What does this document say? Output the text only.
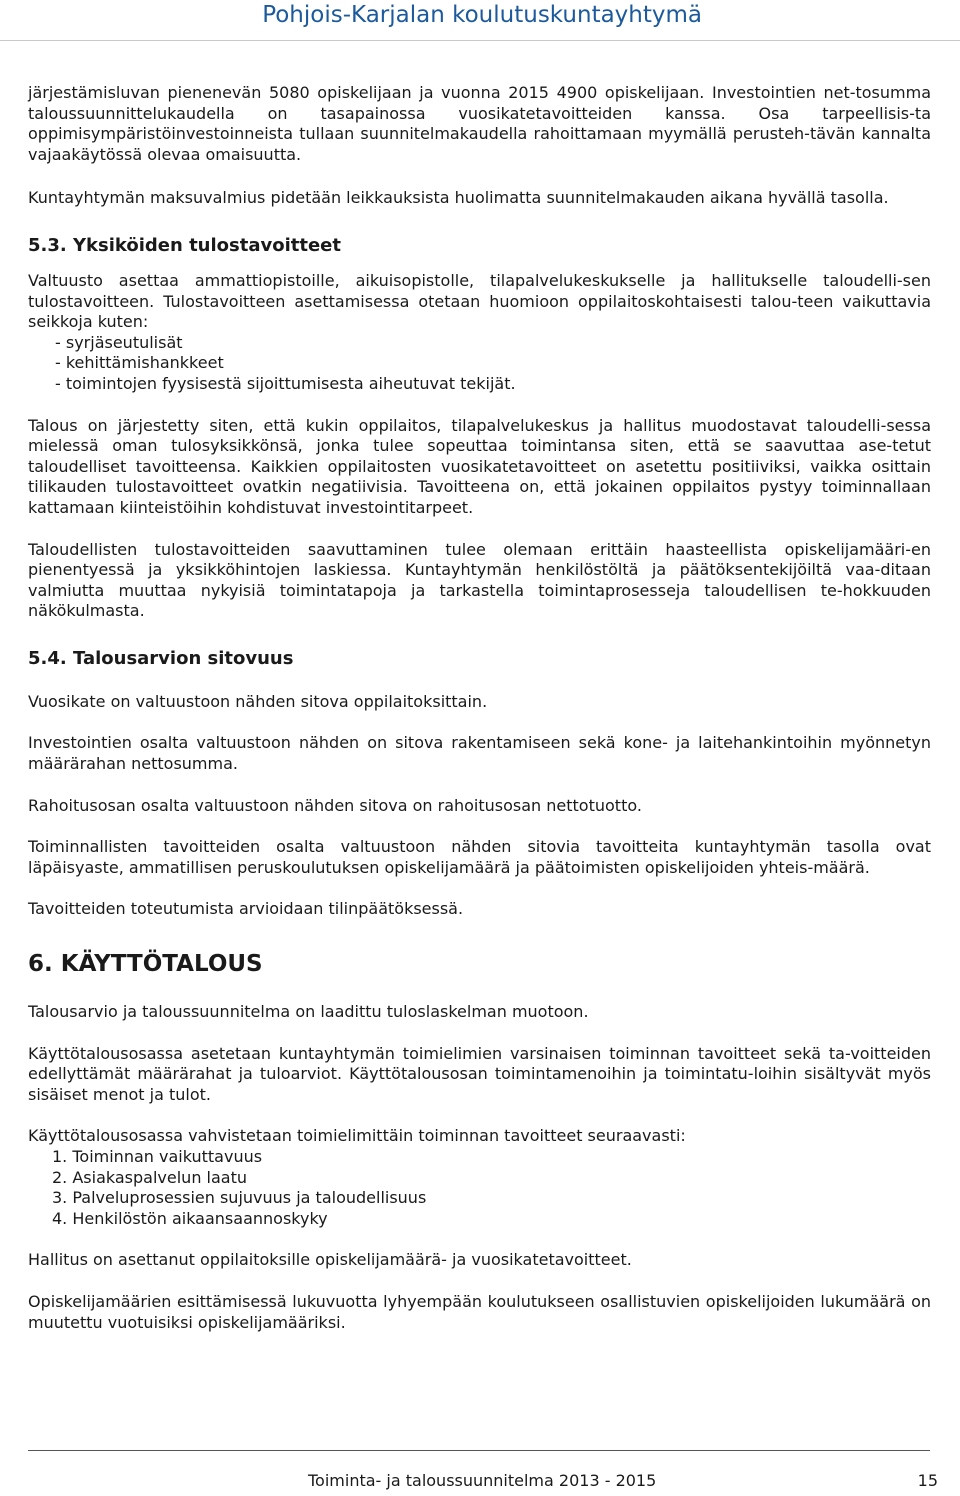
Pohjois-Karjalan koulutuskuntayhtymä

järjestämisluvan pienenevän 5080 opiskelijaan ja vuonna 2015 4900 opiskelijaan. Investointien net-tosumma taloussuunnittelukaudella on tasapainossa vuosikatetavoitteiden kanssa. Osa tarpeellisis-ta oppimisympäristöinvestoinneista tullaan suunnitelmakaudella rahoittamaan myymällä perusteh-tävän kannalta vajaakäytössä olevaa omaisuutta.

Kuntayhtymän maksuvalmius pidetään leikkauksista huolimatta suunnitelmakauden aikana hyvällä tasolla.

5.3. Yksiköiden tulostavoitteet

Valtuusto asettaa ammattiopistoille, aikuisopistolle, tilapalvelukeskukselle ja hallitukselle taloudelli-sen tulostavoitteen. Tulostavoitteen asettamisessa otetaan huomioon oppilaitoskohtaisesti talou-teen vaikuttavia seikkoja kuten:

- syrjäseutulisät
- kehittämishankkeet
- toimintojen fyysisestä sijoittumisesta aiheutuvat tekijät.

Talous on järjestetty siten, että kukin oppilaitos, tilapalvelukeskus ja hallitus muodostavat taloudelli-sessa mielessä oman tulosyksikkönsä, jonka tulee sopeuttaa toimintansa siten, että se saavuttaa ase-tetut taloudelliset tavoitteensa. Kaikkien oppilaitosten vuosikatetavoitteet on asetettu positiiviksi, vaikka osittain tilikauden tulostavoitteet ovatkin negatiivisia. Tavoitteena on, että jokainen oppilaitos pystyy toiminnallaan kattamaan kiinteistöihin kohdistuvat investointitarpeet.

Taloudellisten tulostavoitteiden saavuttaminen tulee olemaan erittäin haasteellista opiskelijamääri-en pienentyessä ja yksikköhintojen laskiessa. Kuntayhtymän henkilöstöltä ja päätöksentekijöiltä vaa-ditaan valmiutta muuttaa nykyisiä toimintatapoja ja tarkastella toimintaprosesseja taloudellisen te-hokkuuden näkökulmasta.

5.4. Talousarvion sitovuus

Vuosikate on valtuustoon nähden sitova oppilaitoksittain.

Investointien osalta valtuustoon nähden on sitova rakentamiseen sekä kone- ja laitehankintoihin myönnetyn määrärahan nettosumma.

Rahoitusosan osalta valtuustoon nähden sitova on rahoitusosan nettotuotto.

Toiminnallisten tavoitteiden osalta valtuustoon nähden sitovia tavoitteita kuntayhtymän tasolla ovat läpäisyaste, ammatillisen peruskoulutuksen opiskelijamäärä ja päätoimisten opiskelijoiden yhteis-määrä.

Tavoitteiden toteutumista arvioidaan tilinpäätöksessä.

6. KÄYTTÖTALOUS

Talousarvio ja taloussuunnitelma on laadittu tuloslaskelman muotoon.

Käyttötalousosassa asetetaan kuntayhtymän toimielimien varsinaisen toiminnan tavoitteet sekä ta-voitteiden edellyttämät määrärahat ja tuloarviot. Käyttötalousosan toimintamenoihin ja toimintatu-loihin sisältyvät myös sisäiset menot ja tulot.

Käyttötalousosassa vahvistetaan toimielimittäin toiminnan tavoitteet seuraavasti:

1. Toiminnan vaikuttavuus
2. Asiakaspalvelun laatu
3. Palveluprosessien sujuvuus ja taloudellisuus
4. Henkilöstön aikaansaannoskyky

Hallitus on asettanut oppilaitoksille opiskelijamäärä- ja vuosikatetavoitteet.

Opiskelijamäärien esittämisessä lukuvuotta lyhyempään koulutukseen osallistuvien opiskelijoiden lukumäärä on muutettu vuotuisiksi opiskelijamääriksi.

Toiminta- ja taloussuunnitelma 2013 - 2015	15
